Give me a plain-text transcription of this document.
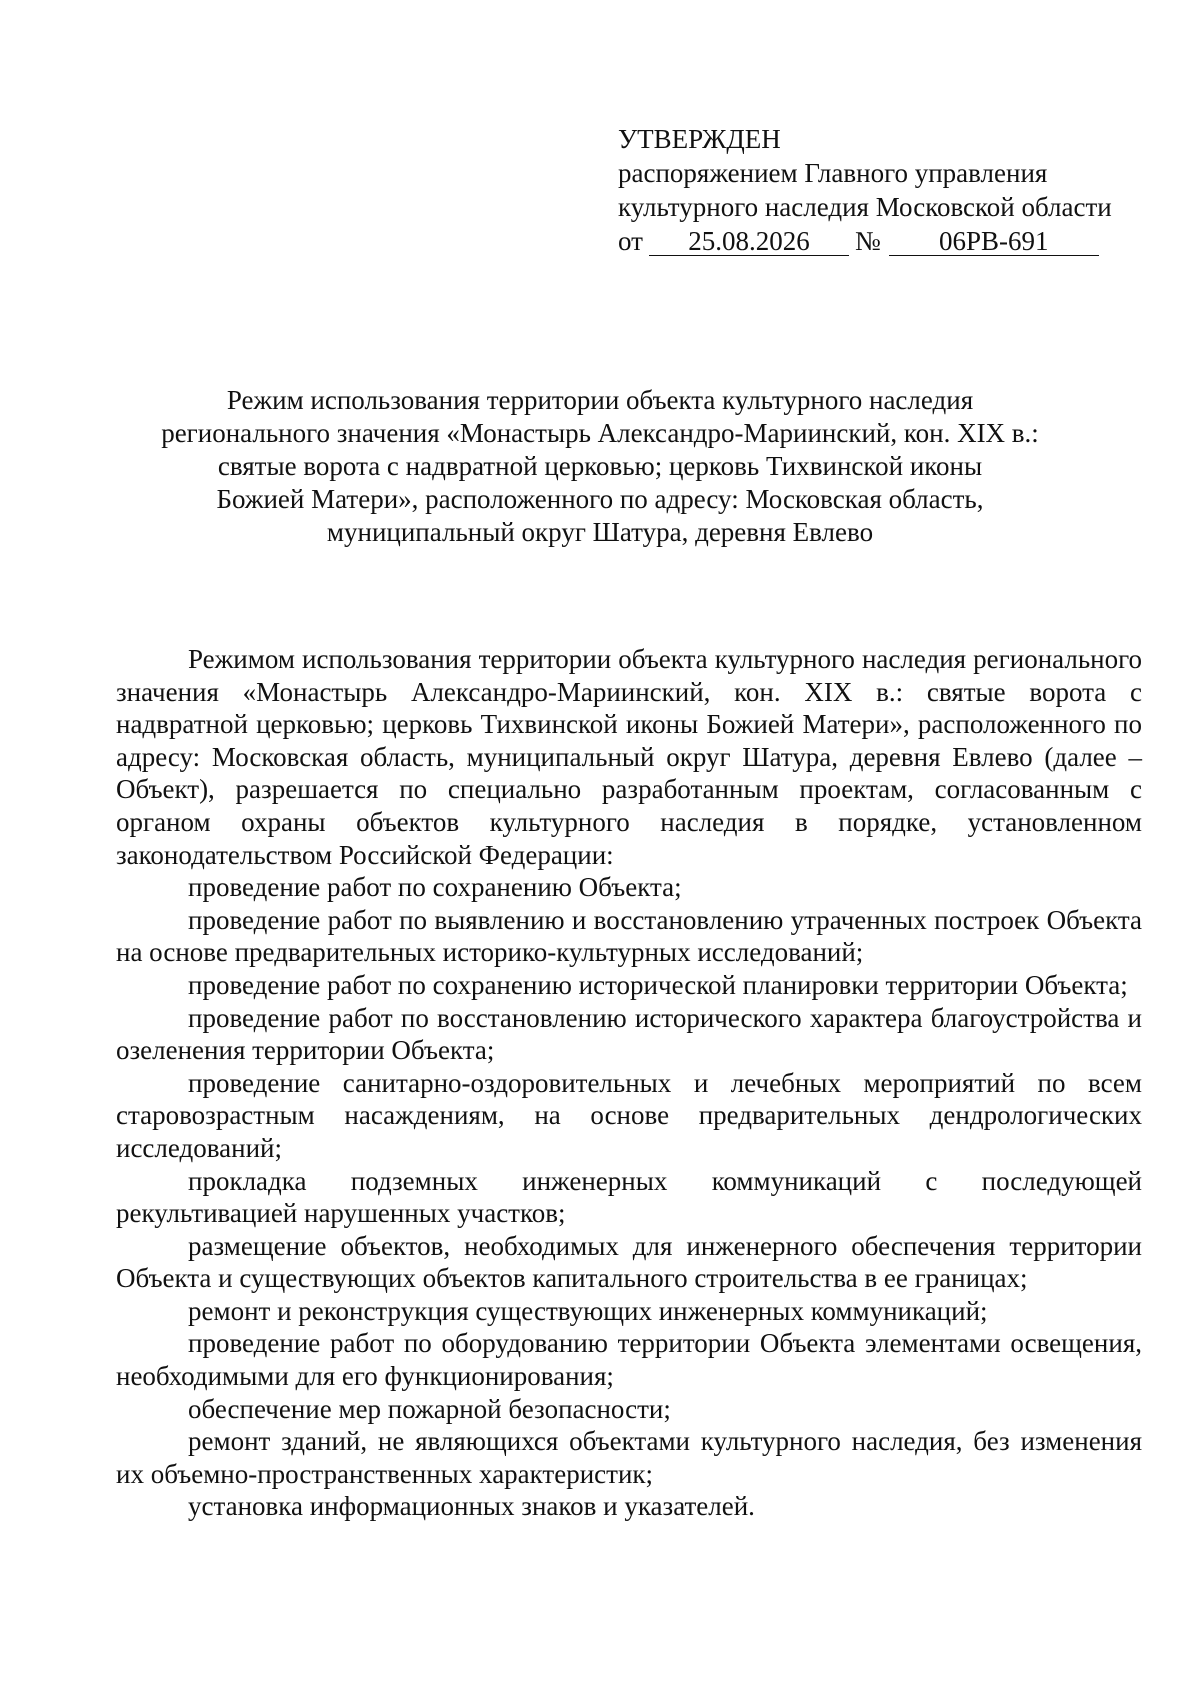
УТВЕРЖДЕН
распоряжением Главного управления
культурного наследия Московской области
от	25.08.2026	№	06РВ-691
Режим использования территории объекта культурного наследия
регионального значения «Монастырь Александро-Мариинский, кон. XIX в.:
святые ворота с надвратной церковью; церковь Тихвинской иконы
Божией Матери», расположенного по адресу: Московская область,
муниципальный округ Шатура, деревня Евлево

Режимом использования территории объекта культурного наследия регионального значения «Монастырь Александро-Мариинский, кон. XIX в.: святые ворота с надвратной церковью; церковь Тихвинской иконы Божией Матери», расположенного по адресу: Московская область, муниципальный округ Шатура, деревня Евлево (далее – Объект), разрешается по специально разработанным проектам, согласованным с органом охраны объектов культурного наследия в порядке, установленном законодательством Российской Федерации:

проведение работ по сохранению Объекта;

проведение работ по выявлению и восстановлению утраченных построек Объекта на основе предварительных историко-культурных исследований;

проведение работ по сохранению исторической планировки территории Объекта;

проведение работ по восстановлению исторического характера благоустройства и озеленения территории Объекта;

проведение санитарно-оздоровительных и лечебных мероприятий по всем старовозрастным насаждениям, на основе предварительных дендрологических исследований;

прокладка подземных инженерных коммуникаций с последующей рекультивацией нарушенных участков;

размещение объектов, необходимых для инженерного обеспечения территории Объекта и существующих объектов капитального строительства в ее границах;

ремонт и реконструкция существующих инженерных коммуникаций;

проведение работ по оборудованию территории Объекта элементами освещения, необходимыми для его функционирования;

обеспечение мер пожарной безопасности;

ремонт зданий, не являющихся объектами культурного наследия, без изменения их объемно-пространственных характеристик;

установка информационных знаков и указателей.
